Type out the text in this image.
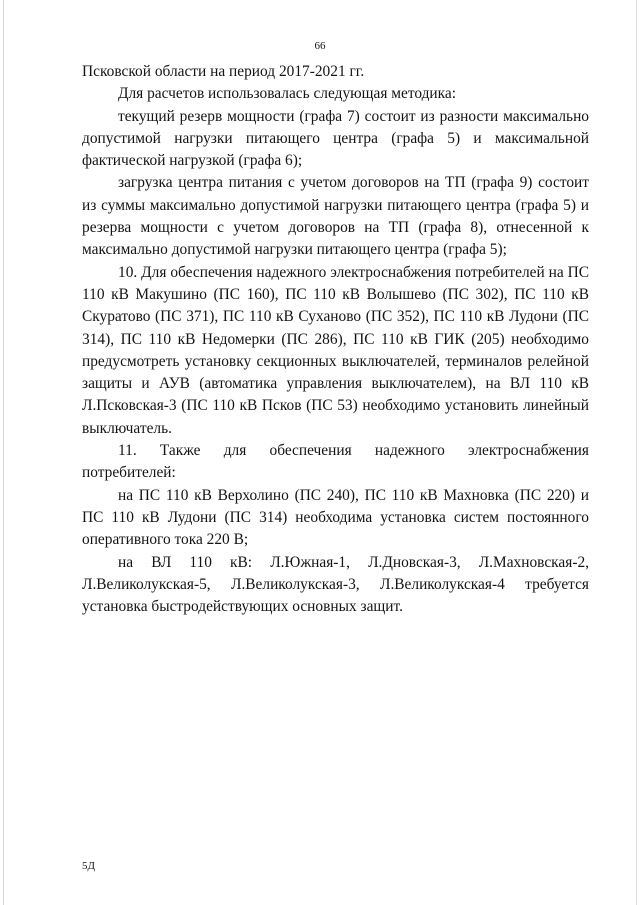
66

Псковской области на период 2017-2021 гг.

Для расчетов использовалась следующая методика:

текущий резерв мощности (графа 7) состоит из разности максимально допустимой нагрузки питающего центра (графа 5) и максимальной фактической нагрузкой (графа 6);

загрузка центра питания с учетом договоров на ТП (графа 9) состоит из суммы максимально допустимой нагрузки питающего центра (графа 5) и резерва мощности с учетом договоров на ТП (графа 8), отнесенной к максимально допустимой нагрузки питающего центра (графа 5);

10. Для обеспечения надежного электроснабжения потребителей на ПС 110 кВ Макушино (ПС 160), ПС 110 кВ Волышево (ПС 302), ПС 110 кВ Скуратово (ПС 371), ПС 110 кВ Суханово (ПС 352), ПС 110 кВ Лудони (ПС 314), ПС 110 кВ Недомерки (ПС 286), ПС 110 кВ ГИК (205) необходимо предусмотреть установку секционных выключателей, терминалов релейной защиты и АУВ (автоматика управления выключателем), на ВЛ 110 кВ Л.Псковская-3 (ПС 110 кВ Псков (ПС 53) необходимо установить линейный выключатель.

11. Также для обеспечения надежного электроснабжения потребителей:

на ПС 110 кВ Верхолино (ПС 240), ПС 110 кВ Махновка (ПС 220) и ПС 110 кВ Лудони (ПС 314) необходима установка систем постоянного оперативного тока 220 В;

на ВЛ 110 кВ: Л.Южная-1, Л.Дновская-3, Л.Махновская-2, Л.Великолукская-5, Л.Великолукская-3, Л.Великолукская-4 требуется установка быстродействующих основных защит.

5Д
